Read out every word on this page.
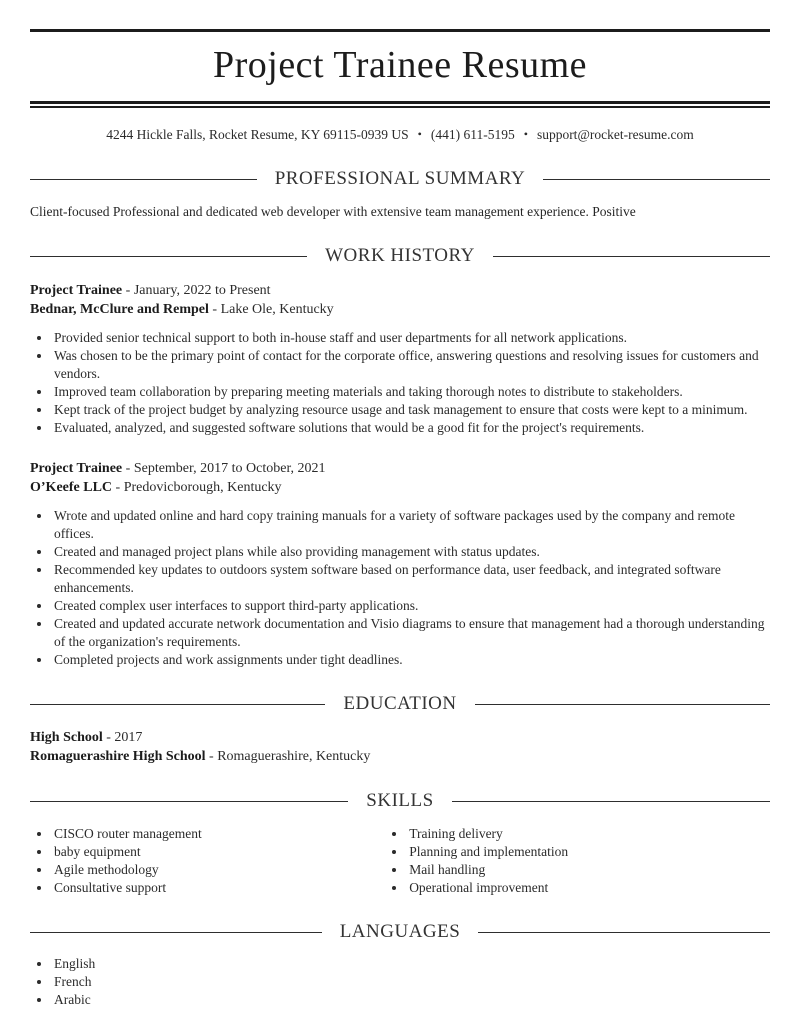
Project Trainee Resume
4244 Hickle Falls, Rocket Resume, KY 69115-0939 US • (441) 611-5195 • support@rocket-resume.com
PROFESSIONAL SUMMARY
Client-focused Professional and dedicated web developer with extensive team management experience. Positive
WORK HISTORY
Project Trainee - January, 2022 to Present
Bednar, McClure and Rempel - Lake Ole, Kentucky
• Provided senior technical support to both in-house staff and user departments for all network applications.
• Was chosen to be the primary point of contact for the corporate office, answering questions and resolving issues for customers and vendors.
• Improved team collaboration by preparing meeting materials and taking thorough notes to distribute to stakeholders.
• Kept track of the project budget by analyzing resource usage and task management to ensure that costs were kept to a minimum.
• Evaluated, analyzed, and suggested software solutions that would be a good fit for the project's requirements.
Project Trainee - September, 2017 to October, 2021
O’Keefe LLC - Predovicborough, Kentucky
• Wrote and updated online and hard copy training manuals for a variety of software packages used by the company and remote offices.
• Created and managed project plans while also providing management with status updates.
• Recommended key updates to outdoors system software based on performance data, user feedback, and integrated software enhancements.
• Created complex user interfaces to support third-party applications.
• Created and updated accurate network documentation and Visio diagrams to ensure that management had a thorough understanding of the organization's requirements.
• Completed projects and work assignments under tight deadlines.
EDUCATION
High School - 2017
Romaguerashire High School - Romaguerashire, Kentucky
SKILLS
• CISCO router management
• baby equipment
• Agile methodology
• Consultative support
• Training delivery
• Planning and implementation
• Mail handling
• Operational improvement
LANGUAGES
• English
• French
• Arabic
